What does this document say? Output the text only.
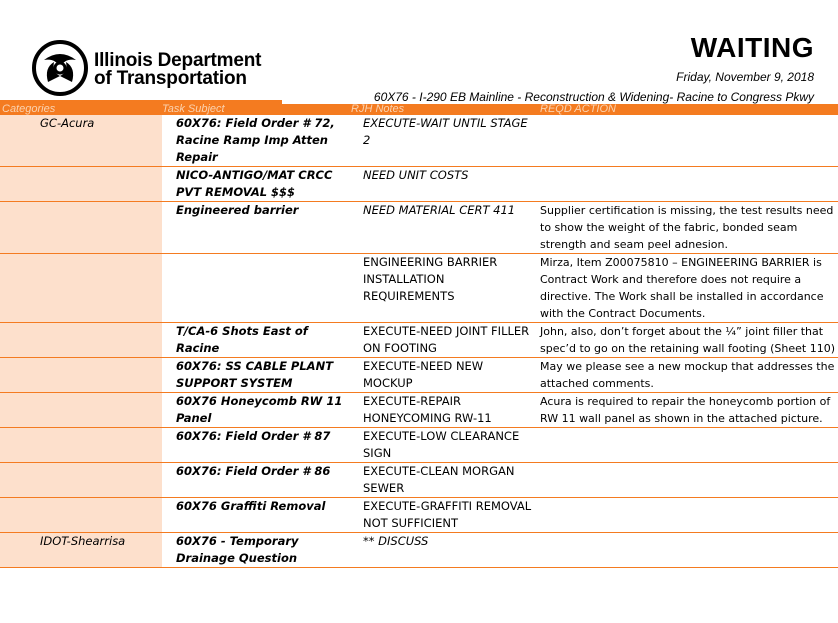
Illinois Department
of Transportation
WAITING
Friday, November 9, 2018
60X76 - I-290 EB Mainline - Reconstruction & Widening- Racine to Congress Pkwy
Categories	Task Subject	RJH Notes	REQD ACTION
GC-Acura	60X76: Field Order # 72, Racine Ramp Imp Atten Repair	EXECUTE-WAIT UNTIL STAGE 2	
	NICO-ANTIGO/MAT CRCC PVT REMOVAL $$$	NEED UNIT COSTS	
	Engineered barrier	NEED MATERIAL CERT 411	Supplier certification is missing, the test results need to show the weight of the fabric, bonded seam strength and seam peel adnesion.
		ENGINEERING BARRIER INSTALLATION REQUIREMENTS	Mirza, Item Z00075810 – ENGINEERING BARRIER is Contract Work and therefore does not require a directive. The Work shall be installed in accordance with the Contract Documents.
	T/CA-6 Shots East of Racine	EXECUTE-NEED JOINT FILLER ON FOOTING	John, also, don’t forget about the ¼” joint filler that spec’d to go on the retaining wall footing (Sheet 110)
	60X76: SS CABLE PLANT SUPPORT SYSTEM	EXECUTE-NEED NEW MOCKUP	May we please see a new mockup that addresses the attached comments.
	60X76 Honeycomb RW 11 Panel	EXECUTE-REPAIR HONEYCOMING RW-11	Acura is required to repair the honeycomb portion of RW 11 wall panel as shown in the attached picture.
	60X76: Field Order # 87	EXECUTE-LOW CLEARANCE SIGN	
	60X76: Field Order # 86	EXECUTE-CLEAN MORGAN SEWER	
	60X76 Graffiti Removal	EXECUTE-GRAFFITI REMOVAL NOT SUFFICIENT	
IDOT-Shearrisa	60X76 - Temporary Drainage Question	** DISCUSS	
